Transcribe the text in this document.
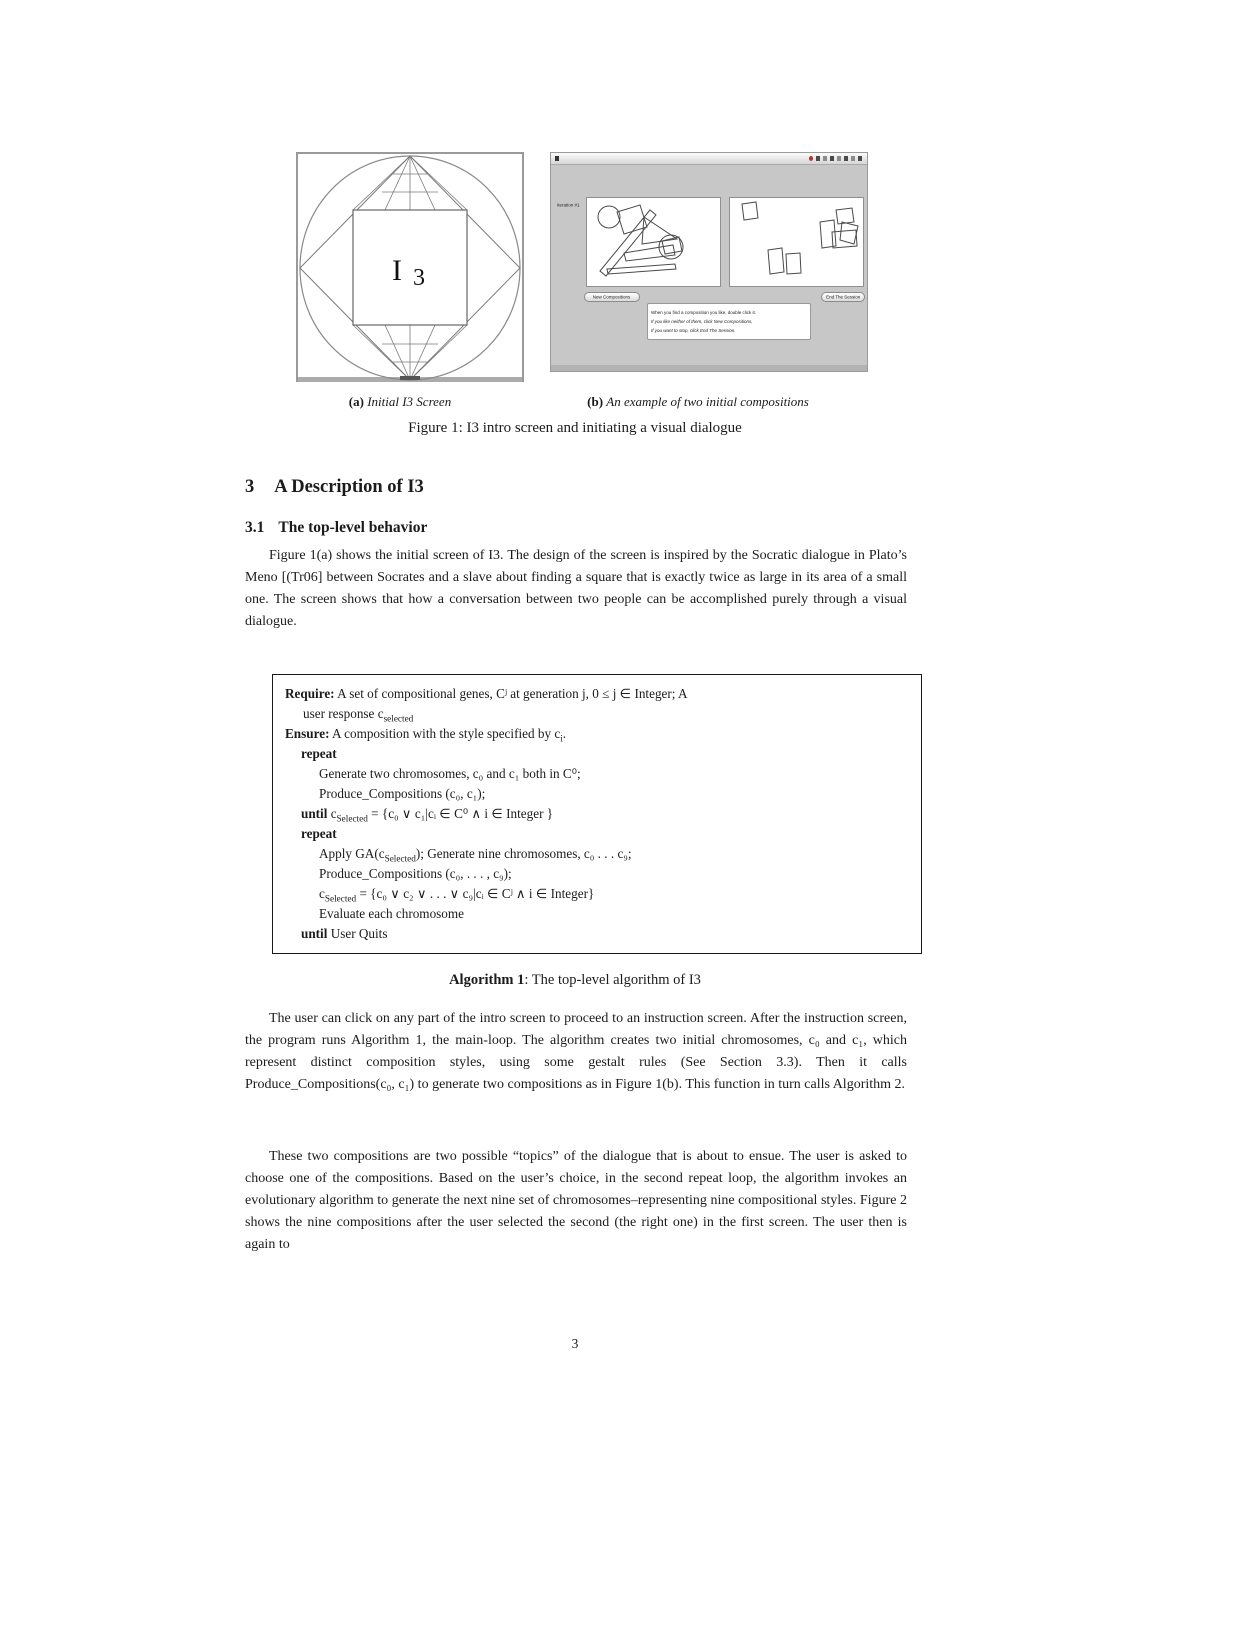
I 3
Iteration #1
New Compositions	End The Session
When you find a composition you like, double click it.
If you like neither of them, click New Compositions,
If you want to stop, click End The Session.
(a) Initial I3 Screen	(b) An example of two initial compositions
Figure 1: I3 intro screen and initiating a visual dialogue
3 A Description of I3
3.1 The top-level behavior
Figure 1(a) shows the initial screen of I3. The design of the screen is inspired by the Socratic dialogue in Plato’s Meno [(Tr06] between Socrates and a slave about finding a square that is exactly twice as large in its area of a small one. The screen shows that how a conversation between two people can be accomplished purely through a visual dialogue.
Require: A set of compositional genes, Cʲ at generation j, 0 ≤ j ∈ Integer; A
user response $c_{selected}$
Ensure: A composition with the style specified by $c_i$.
repeat
Generate two chromosomes, c₀ and c₁ both in C⁰;
Produce_Compositions (c₀, c₁);
until $c_{Selected} = \{c_0$ ∨ c₁|cᵢ ∈ C⁰ ∧ i ∈ Integer }
repeat
Apply $GA(c_{Selected})$; Generate nine chromosomes, c₀ . . . c₉;
Produce_Compositions (c₀, . . . , c₉);
$c_{Selected} = \{c_0$ ∨ c₂ ∨ . . . ∨ c₉|cᵢ ∈ Cʲ ∧ i ∈ Integer}
Evaluate each chromosome
until User Quits
Algorithm 1: The top-level algorithm of I3
The user can click on any part of the intro screen to proceed to an instruction screen. After the instruction screen, the program runs Algorithm 1, the main-loop. The algorithm creates two initial chromosomes, c₀ and c₁, which represent distinct composition styles, using some gestalt rules (See Section 3.3). Then it calls Produce_Compositions(c₀, c₁) to generate two compositions as in Figure 1(b). This function in turn calls Algorithm 2.
These two compositions are two possible “topics” of the dialogue that is about to ensue. The user is asked to choose one of the compositions. Based on the user’s choice, in the second repeat loop, the algorithm invokes an evolutionary algorithm to generate the next nine set of chromosomes–representing nine compositional styles. Figure 2 shows the nine compositions after the user selected the second (the right one) in the first screen. The user then is again to
3
